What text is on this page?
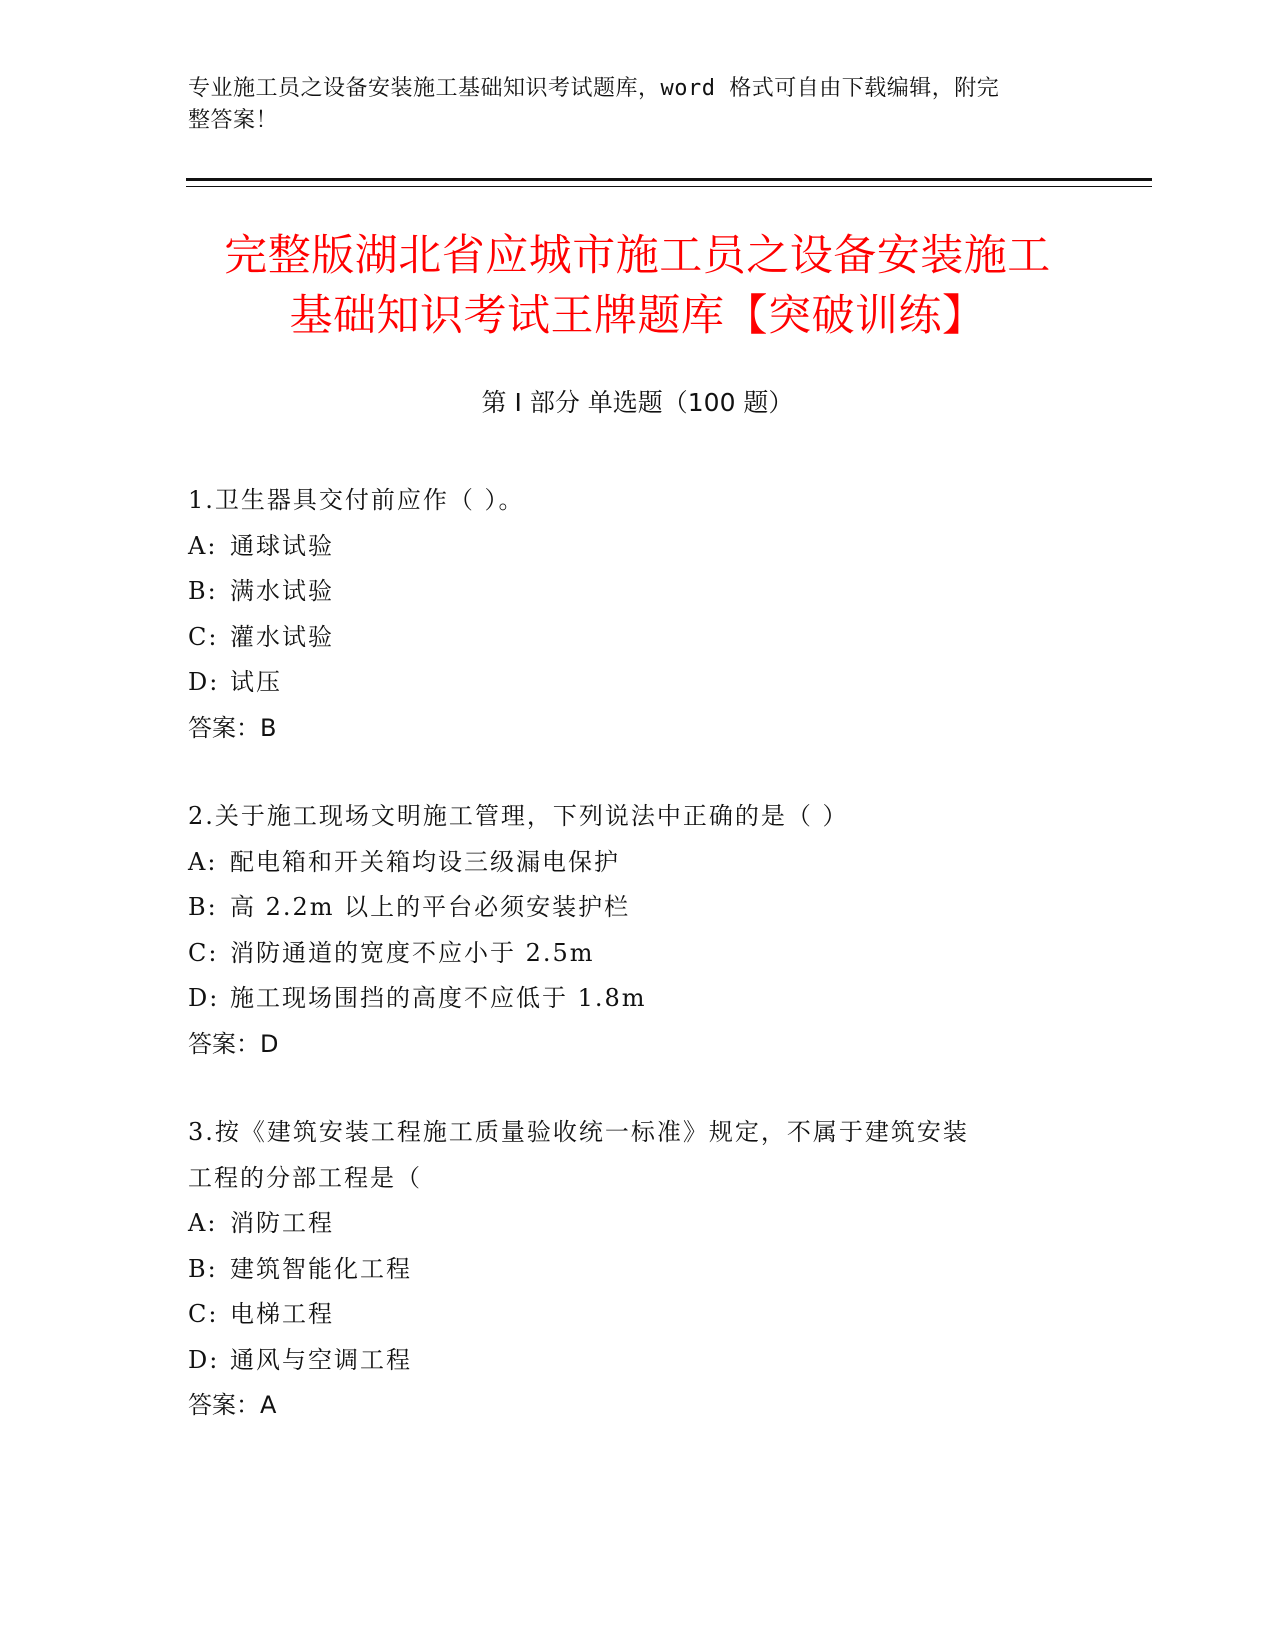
专业施工员之设备安装施工基础知识考试题库，word 格式可自由下载编辑，附完
整答案！
完整版湖北省应城市施工员之设备安装施工
基础知识考试王牌题库【突破训练】
第 I 部分 单选题（100 题）
1.卫生器具交付前应作（ ）。
A: 通球试验
B: 满水试验
C: 灌水试验
D: 试压
答案：B
2.关于施工现场文明施工管理，下列说法中正确的是（ ）
A: 配电箱和开关箱均设三级漏电保护
B: 高 2.2m 以上的平台必须安装护栏
C: 消防通道的宽度不应小于 2.5m
D: 施工现场围挡的高度不应低于 1.8m
答案：D
3.按《建筑安装工程施工质量验收统一标准》规定，不属于建筑安装
工程的分部工程是（
A: 消防工程
B: 建筑智能化工程
C: 电梯工程
D: 通风与空调工程
答案：A
